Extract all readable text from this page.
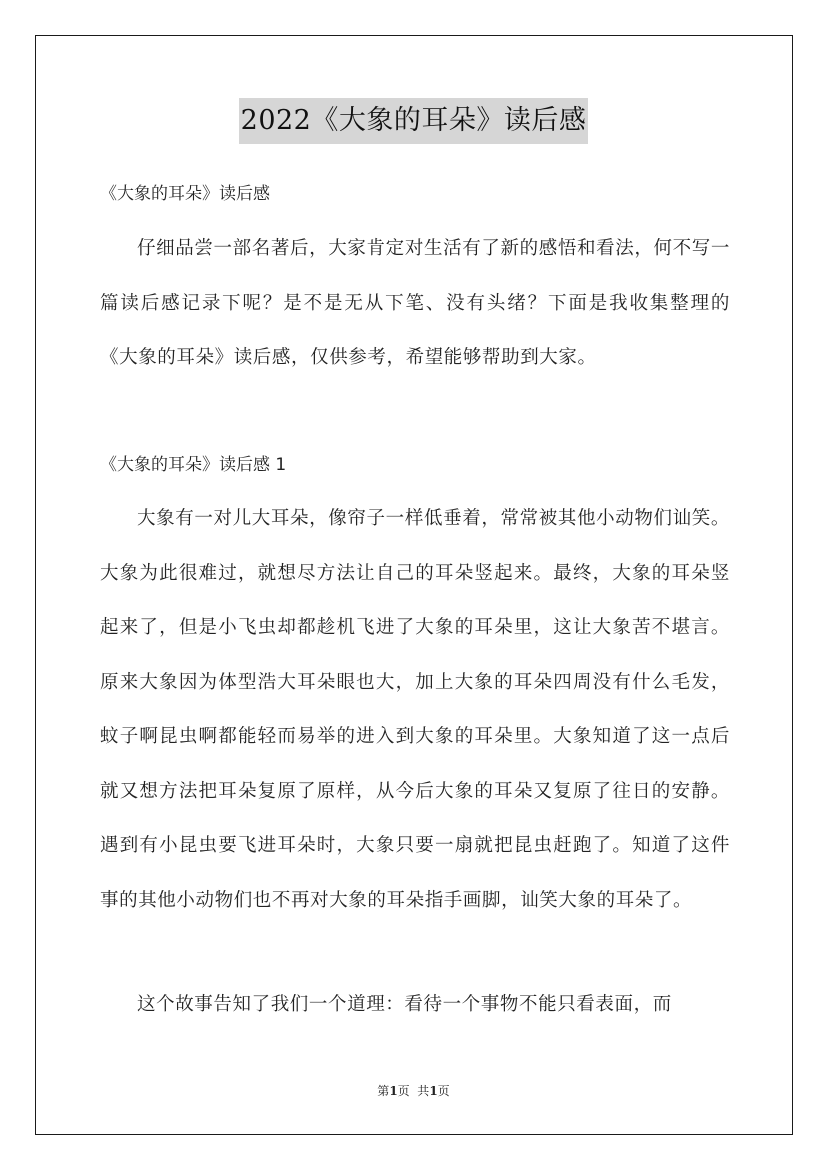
2022《大象的耳朵》读后感
《大象的耳朵》读后感
仔细品尝一部名著后，大家肯定对生活有了新的感悟和看法，何不写一篇读后感记录下呢？是不是无从下笔、没有头绪？下面是我收集整理的《大象的耳朵》读后感，仅供参考，希望能够帮助到大家。
《大象的耳朵》读后感 1
大象有一对儿大耳朵，像帘子一样低垂着，常常被其他小动物们讪笑。大象为此很难过，就想尽方法让自己的耳朵竖起来。最终，大象的耳朵竖起来了，但是小飞虫却都趁机飞进了大象的耳朵里，这让大象苦不堪言。原来大象因为体型浩大耳朵眼也大，加上大象的耳朵四周没有什么毛发，蚊子啊昆虫啊都能轻而易举的进入到大象的耳朵里。大象知道了这一点后就又想方法把耳朵复原了原样，从今后大象的耳朵又复原了往日的安静。遇到有小昆虫要飞进耳朵时，大象只要一扇就把昆虫赶跑了。知道了这件事的其他小动物们也不再对大象的耳朵指手画脚，讪笑大象的耳朵了。
这个故事告知了我们一个道理：看待一个事物不能只看表面，而
第1页  共1页
